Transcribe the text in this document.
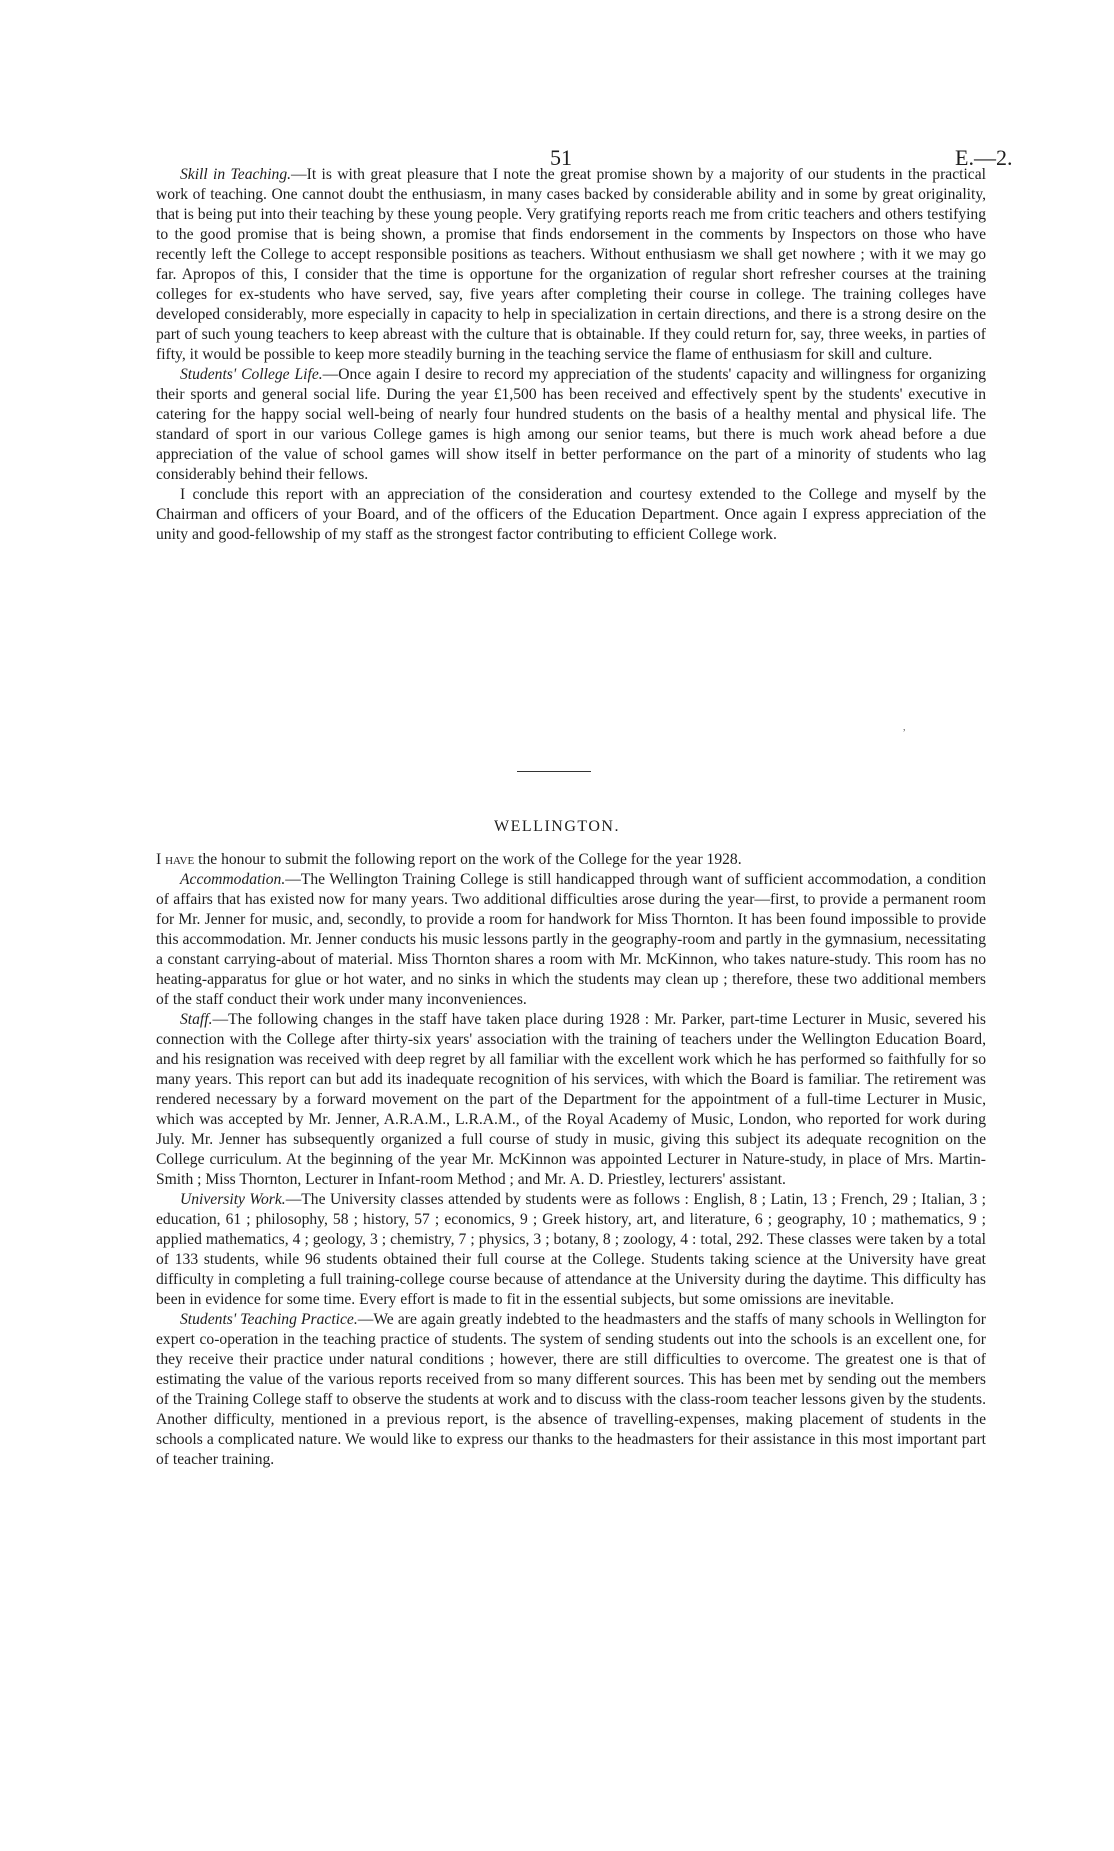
51	E.—2.

Skill in Teaching.—It is with great pleasure that I note the great promise shown by a majority of our students in the practical work of teaching. One cannot doubt the enthusiasm, in many cases backed by considerable ability and in some by great originality, that is being put into their teaching by these young people. Very gratifying reports reach me from critic teachers and others testifying to the good promise that is being shown, a promise that finds endorsement in the comments by Inspectors on those who have recently left the College to accept responsible positions as teachers. Without enthusiasm we shall get nowhere ; with it we may go far. Apropos of this, I consider that the time is opportune for the organization of regular short refresher courses at the training colleges for ex-students who have served, say, five years after completing their course in college. The training colleges have developed considerably, more especially in capacity to help in specialization in certain directions, and there is a strong desire on the part of such young teachers to keep abreast with the culture that is obtainable. If they could return for, say, three weeks, in parties of fifty, it would be possible to keep more steadily burning in the teaching service the flame of enthusiasm for skill and culture.

Students' College Life.—Once again I desire to record my appreciation of the students' capacity and willingness for organizing their sports and general social life. During the year £1,500 has been received and effectively spent by the students' executive in catering for the happy social well-being of nearly four hundred students on the basis of a healthy mental and physical life. The standard of sport in our various College games is high among our senior teams, but there is much work ahead before a due appreciation of the value of school games will show itself in better performance on the part of a minority of students who lag considerably behind their fellows.

I conclude this report with an appreciation of the consideration and courtesy extended to the College and myself by the Chairman and officers of your Board, and of the officers of the Education Department. Once again I express appreciation of the unity and good-fellowship of my staff as the strongest factor contributing to efficient College work.

,
WELLINGTON.

I have the honour to submit the following report on the work of the College for the year 1928.

Accommodation.—The Wellington Training College is still handicapped through want of sufficient accommodation, a condition of affairs that has existed now for many years. Two additional difficulties arose during the year—first, to provide a permanent room for Mr. Jenner for music, and, secondly, to provide a room for handwork for Miss Thornton. It has been found impossible to provide this accommodation. Mr. Jenner conducts his music lessons partly in the geography-room and partly in the gymnasium, necessitating a constant carrying-about of material. Miss Thornton shares a room with Mr. McKinnon, who takes nature-study. This room has no heating-apparatus for glue or hot water, and no sinks in which the students may clean up ; therefore, these two additional members of the staff conduct their work under many inconveniences.

Staff.—The following changes in the staff have taken place during 1928 : Mr. Parker, part-time Lecturer in Music, severed his connection with the College after thirty-six years' association with the training of teachers under the Wellington Education Board, and his resignation was received with deep regret by all familiar with the excellent work which he has performed so faithfully for so many years. This report can but add its inadequate recognition of his services, with which the Board is familiar. The retirement was rendered necessary by a forward movement on the part of the Department for the appointment of a full-time Lecturer in Music, which was accepted by Mr. Jenner, A.R.A.M., L.R.A.M., of the Royal Academy of Music, London, who reported for work during July. Mr. Jenner has subsequently organized a full course of study in music, giving this subject its adequate recognition on the College curriculum. At the beginning of the year Mr. McKinnon was appointed Lecturer in Nature-study, in place of Mrs. Martin-Smith ; Miss Thornton, Lecturer in Infant-room Method ; and Mr. A. D. Priestley, lecturers' assistant.

University Work.—The University classes attended by students were as follows : English, 8 ; Latin, 13 ; French, 29 ; Italian, 3 ; education, 61 ; philosophy, 58 ; history, 57 ; economics, 9 ; Greek history, art, and literature, 6 ; geography, 10 ; mathematics, 9 ; applied mathematics, 4 ; geology, 3 ; chemistry, 7 ; physics, 3 ; botany, 8 ; zoology, 4 : total, 292. These classes were taken by a total of 133 students, while 96 students obtained their full course at the College. Students taking science at the University have great difficulty in completing a full training-college course because of attendance at the University during the daytime. This difficulty has been in evidence for some time. Every effort is made to fit in the essential subjects, but some omissions are inevitable.

Students' Teaching Practice.—We are again greatly indebted to the headmasters and the staffs of many schools in Wellington for expert co-operation in the teaching practice of students. The system of sending students out into the schools is an excellent one, for they receive their practice under natural conditions ; however, there are still difficulties to overcome. The greatest one is that of estimating the value of the various reports received from so many different sources. This has been met by sending out the members of the Training College staff to observe the students at work and to discuss with the class-room teacher lessons given by the students. Another difficulty, mentioned in a previous report, is the absence of travelling-expenses, making placement of students in the schools a complicated nature. We would like to express our thanks to the headmasters for their assistance in this most important part of teacher training.
